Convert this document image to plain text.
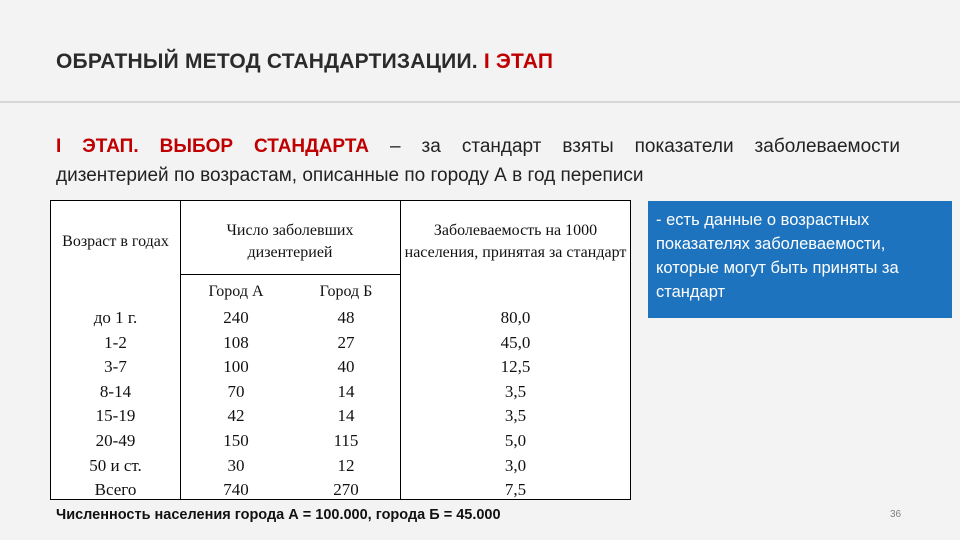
ОБРАТНЫЙ МЕТОД СТАНДАРТИЗАЦИИ. I ЭТАП
I ЭТАП. ВЫБОР СТАНДАРТА – за стандарт взяты показатели заболеваемости
дизентерией по возрастам, описанные по городу А в год переписи
Возраст в годах
Число заболевших дизентерией
Город А	Город Б
Заболеваемость на 1000 населения, принятая за стандарт
до 1 г.
1-2
3-7
8-14
15-19
20-49
50 и ст.
Всего
240
108
100
70
42
150
30
740
48
27
40
14
14
115
12
270
80,0
45,0
12,5
3,5
3,5
5,0
3,0
7,5
- есть данные о возрастных показателях заболеваемости, которые могут быть приняты за стандарт
Численность населения города А = 100.000, города Б = 45.000	36
